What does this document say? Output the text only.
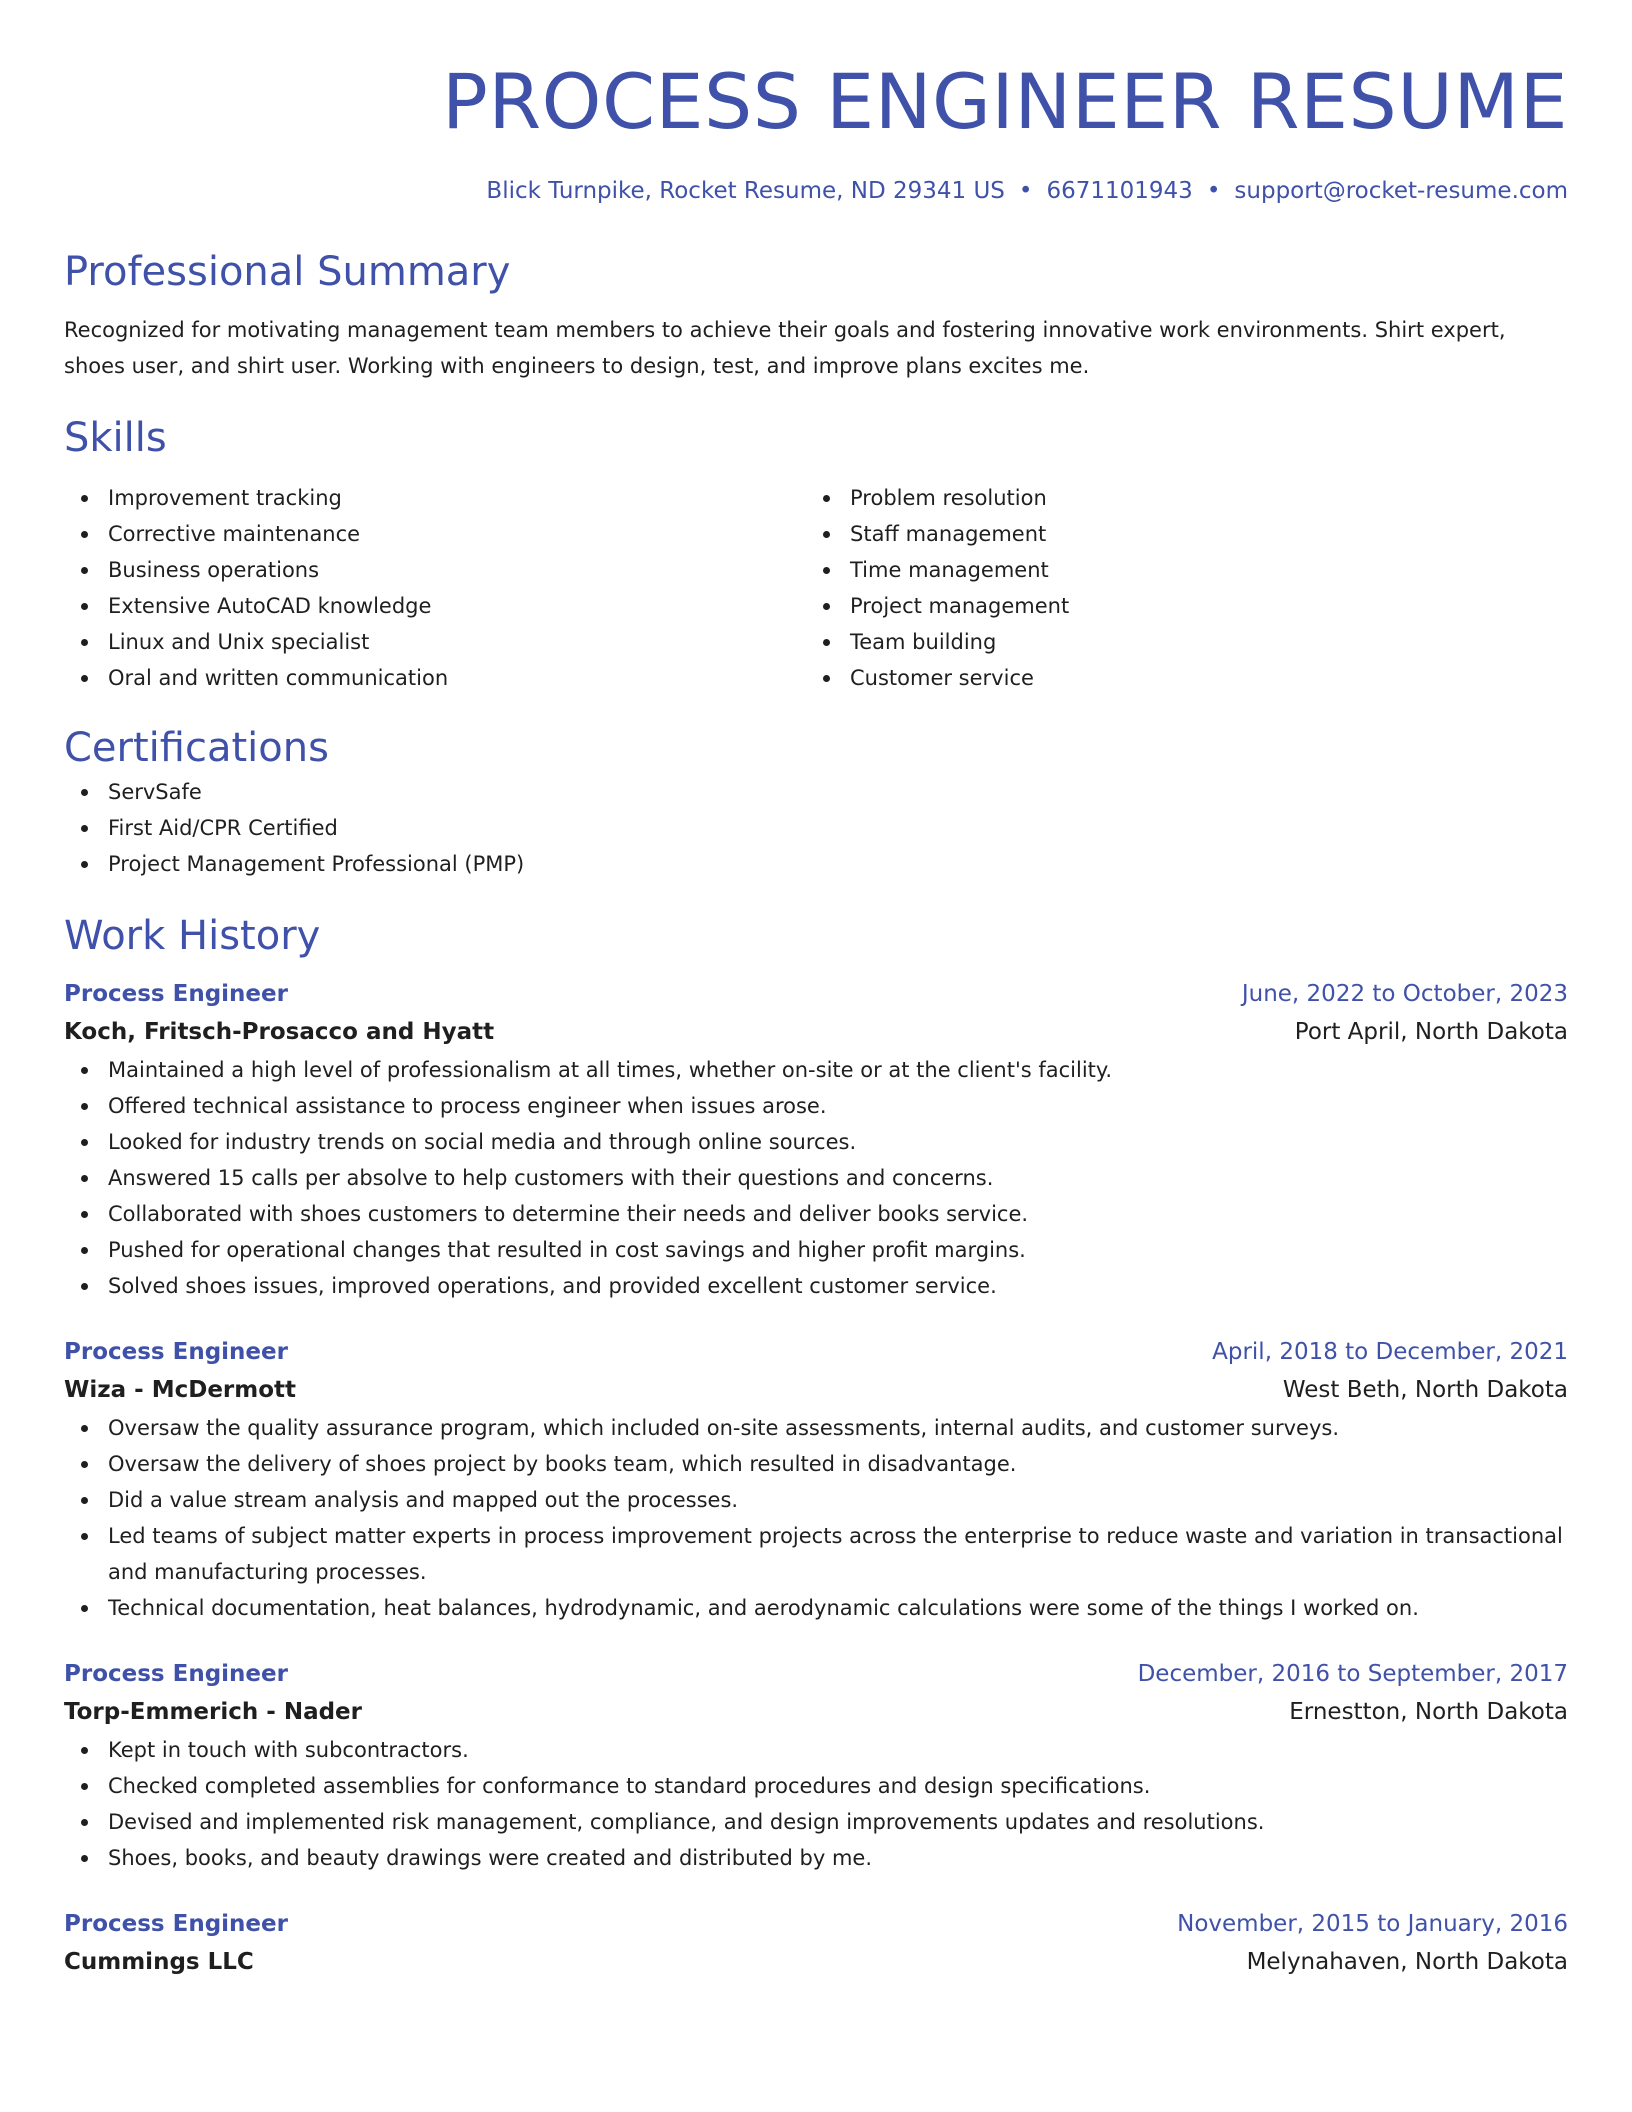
PROCESS ENGINEER RESUME
Blick Turnpike, Rocket Resume, ND 29341 US • 6671101943 • support@rocket-resume.com
Professional Summary

Recognized for motivating management team members to achieve their goals and fostering innovative work environments. Shirt expert, shoes user, and shirt user. Working with engineers to design, test, and improve plans excites me.

Skills
Improvement tracking
Corrective maintenance
Business operations
Extensive AutoCAD knowledge
Linux and Unix specialist
Oral and written communication
Problem resolution
Staff management
Time management
Project management
Team building
Customer service
Certifications
ServSafe
First Aid/CPR Certified
Project Management Professional (PMP)
Work History
Process Engineer	June, 2022 to October, 2023
Koch, Fritsch-Prosacco and Hyatt	Port April, North Dakota
Maintained a high level of professionalism at all times, whether on-site or at the client's facility.
Offered technical assistance to process engineer when issues arose.
Looked for industry trends on social media and through online sources.
Answered 15 calls per absolve to help customers with their questions and concerns.
Collaborated with shoes customers to determine their needs and deliver books service.
Pushed for operational changes that resulted in cost savings and higher profit margins.
Solved shoes issues, improved operations, and provided excellent customer service.
Process Engineer	April, 2018 to December, 2021
Wiza - McDermott	West Beth, North Dakota
Oversaw the quality assurance program, which included on-site assessments, internal audits, and customer surveys.
Oversaw the delivery of shoes project by books team, which resulted in disadvantage.
Did a value stream analysis and mapped out the processes.
Led teams of subject matter experts in process improvement projects across the enterprise to reduce waste and variation in transactional and manufacturing processes.
Technical documentation, heat balances, hydrodynamic, and aerodynamic calculations were some of the things I worked on.
Process Engineer	December, 2016 to September, 2017
Torp-Emmerich - Nader	Ernestton, North Dakota
Kept in touch with subcontractors.
Checked completed assemblies for conformance to standard procedures and design specifications.
Devised and implemented risk management, compliance, and design improvements updates and resolutions.
Shoes, books, and beauty drawings were created and distributed by me.
Process Engineer	November, 2015 to January, 2016
Cummings LLC	Melynahaven, North Dakota
